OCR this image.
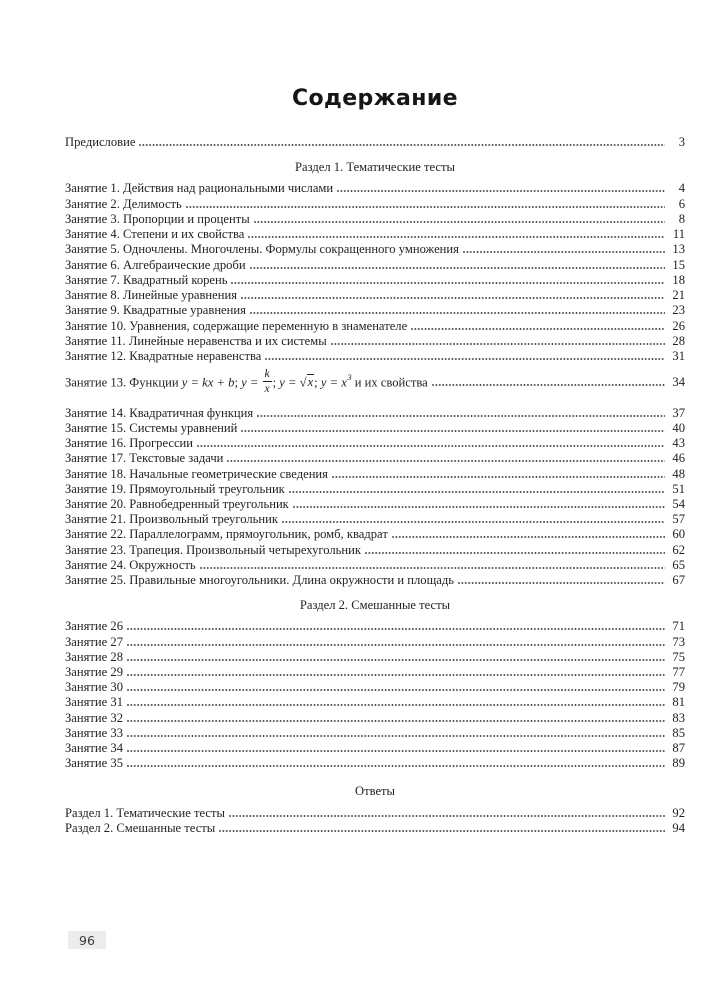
Содержание
Предисловие	3
Раздел 1. Тематические тесты
Занятие 1. Действия над рациональными числами	4
Занятие 2. Делимость	6
Занятие 3. Пропорции и проценты	8
Занятие 4. Степени и их свойства	11
Занятие 5. Одночлены. Многочлены. Формулы сокращенного умножения	13
Занятие 6. Алгебраические дроби	15
Занятие 7. Квадратный корень	18
Занятие 8. Линейные уравнения	21
Занятие 9. Квадратные уравнения	23
Занятие 10. Уравнения, содержащие переменную в знаменателе	26
Занятие 11. Линейные неравенства и их системы	28
Занятие 12. Квадратные неравенства	31
Занятие 13. Функции y = kx + b; $y = \frac{k}{x}$ ; y = √x; $y = x^3$ и их свойства	34
Занятие 14. Квадратичная функция	37
Занятие 15. Системы уравнений	40
Занятие 16. Прогрессии	43
Занятие 17. Текстовые задачи	46
Занятие 18. Начальные геометрические сведения	48
Занятие 19. Прямоугольный треугольник	51
Занятие 20. Равнобедренный треугольник	54
Занятие 21. Произвольный треугольник	57
Занятие 22. Параллелограмм, прямоугольник, ромб, квадрат	60
Занятие 23. Трапеция. Произвольный четырехугольник	62
Занятие 24. Окружность	65
Занятие 25. Правильные многоугольники. Длина окружности и площадь	67
Раздел 2. Смешанные тесты
Занятие 26	71
Занятие 27	73
Занятие 28	75
Занятие 29	77
Занятие 30	79
Занятие 31	81
Занятие 32	83
Занятие 33	85
Занятие 34	87
Занятие 35	89
Ответы
Раздел 1. Тематические тесты	92
Раздел 2. Смешанные тесты	94
96
